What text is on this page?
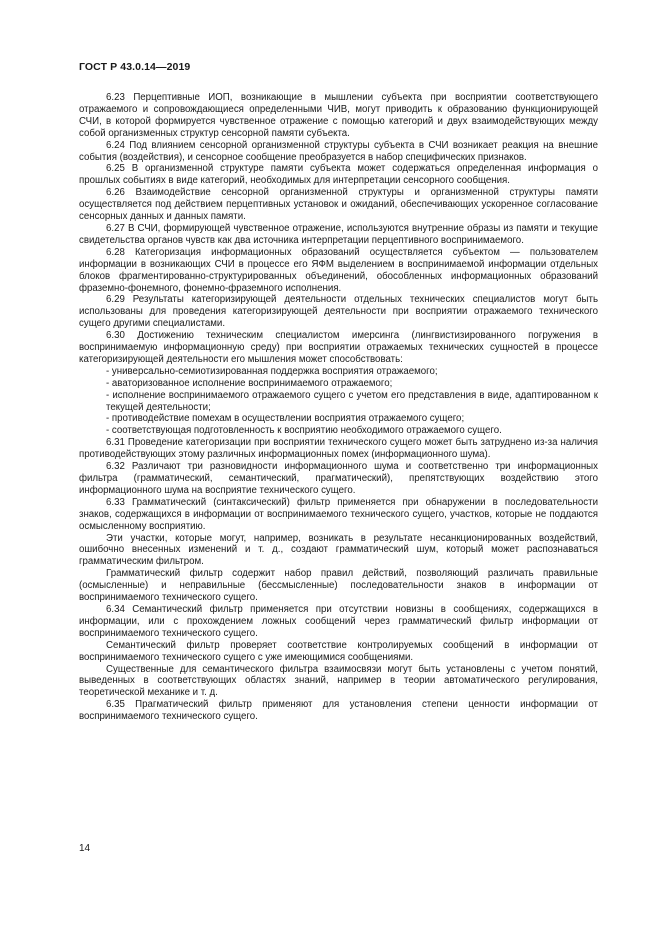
ГОСТ Р 43.0.14—2019

6.23 Перцептивные ИОП, возникающие в мышлении субъекта при восприятии соответствующего отражаемого и сопровождающиеся определенными ЧИВ, могут приводить к образованию функционирующей СЧИ, в которой формируется чувственное отражение с помощью категорий и двух взаимодействующих между собой организменных структур сенсорной памяти субъекта.

6.24 Под влиянием сенсорной организменной структуры субъекта в СЧИ возникает реакция на внешние события (воздействия), и сенсорное сообщение преобразуется в набор специфических признаков.

6.25 В организменной структуре памяти субъекта может содержаться определенная информация о прошлых событиях в виде категорий, необходимых для интерпретации сенсорного сообщения.

6.26 Взаимодействие сенсорной организменной структуры и организменной структуры памяти осуществляется под действием перцептивных установок и ожиданий, обеспечивающих ускоренное согласование сенсорных данных и данных памяти.

6.27 В СЧИ, формирующей чувственное отражение, используются внутренние образы из памяти и текущие свидетельства органов чувств как два источника интерпретации перцептивного воспринимаемого.

6.28 Категоризация информационных образований осуществляется субъектом — пользователем информации в возникающих СЧИ в процессе его ЯФМ выделением в воспринимаемой информации отдельных блоков фрагментированно-структурированных объединений, обособленных информационных образований фраземно-фонемного, фонемно-фраземного исполнения.

6.29 Результаты категоризирующей деятельности отдельных технических специалистов могут быть использованы для проведения категоризирующей деятельности при восприятии отражаемого технического сущего другими специалистами.

6.30 Достижению техническим специалистом имерсинга (лингвистизированного погружения в воспринимаемую информационную среду) при восприятии отражаемых технических сущностей в процессе категоризирующей деятельности его мышления может способствовать:

- универсально-семиотизированная поддержка восприятия отражаемого;

- аваторизованное исполнение воспринимаемого отражаемого;

- исполнение воспринимаемого отражаемого сущего с учетом его представления в виде, адаптированном к текущей деятельности;

- противодействие помехам в осуществлении восприятия отражаемого сущего;

- соответствующая подготовленность к восприятию необходимого отражаемого сущего.

6.31 Проведение категоризации при восприятии технического сущего может быть затруднено из-за наличия противодействующих этому различных информационных помех (информационного шума).

6.32 Различают три разновидности информационного шума и соответственно три информационных фильтра (грамматический, семантический, прагматический), препятствующих воздействию этого информационного шума на восприятие технического сущего.

6.33 Грамматический (синтаксический) фильтр применяется при обнаружении в последовательности знаков, содержащихся в информации от воспринимаемого технического сущего, участков, которые не поддаются осмысленному восприятию.

Эти участки, которые могут, например, возникать в результате несанкционированных воздействий, ошибочно внесенных изменений и т. д., создают грамматический шум, который может распознаваться грамматическим фильтром.

Грамматический фильтр содержит набор правил действий, позволяющий различать правильные (осмысленные) и неправильные (бессмысленные) последовательности знаков в информации от воспринимаемого технического сущего.

6.34 Семантический фильтр применяется при отсутствии новизны в сообщениях, содержащихся в информации, или с прохождением ложных сообщений через грамматический фильтр информации от воспринимаемого технического сущего.

Семантический фильтр проверяет соответствие контролируемых сообщений в информации от воспринимаемого технического сущего с уже имеющимися сообщениями.

Существенные для семантического фильтра взаимосвязи могут быть установлены с учетом понятий, выведенных в соответствующих областях знаний, например в теории автоматического регулирования, теоретической механике и т. д.

6.35 Прагматический фильтр применяют для установления степени ценности информации от воспринимаемого технического сущего.

14
